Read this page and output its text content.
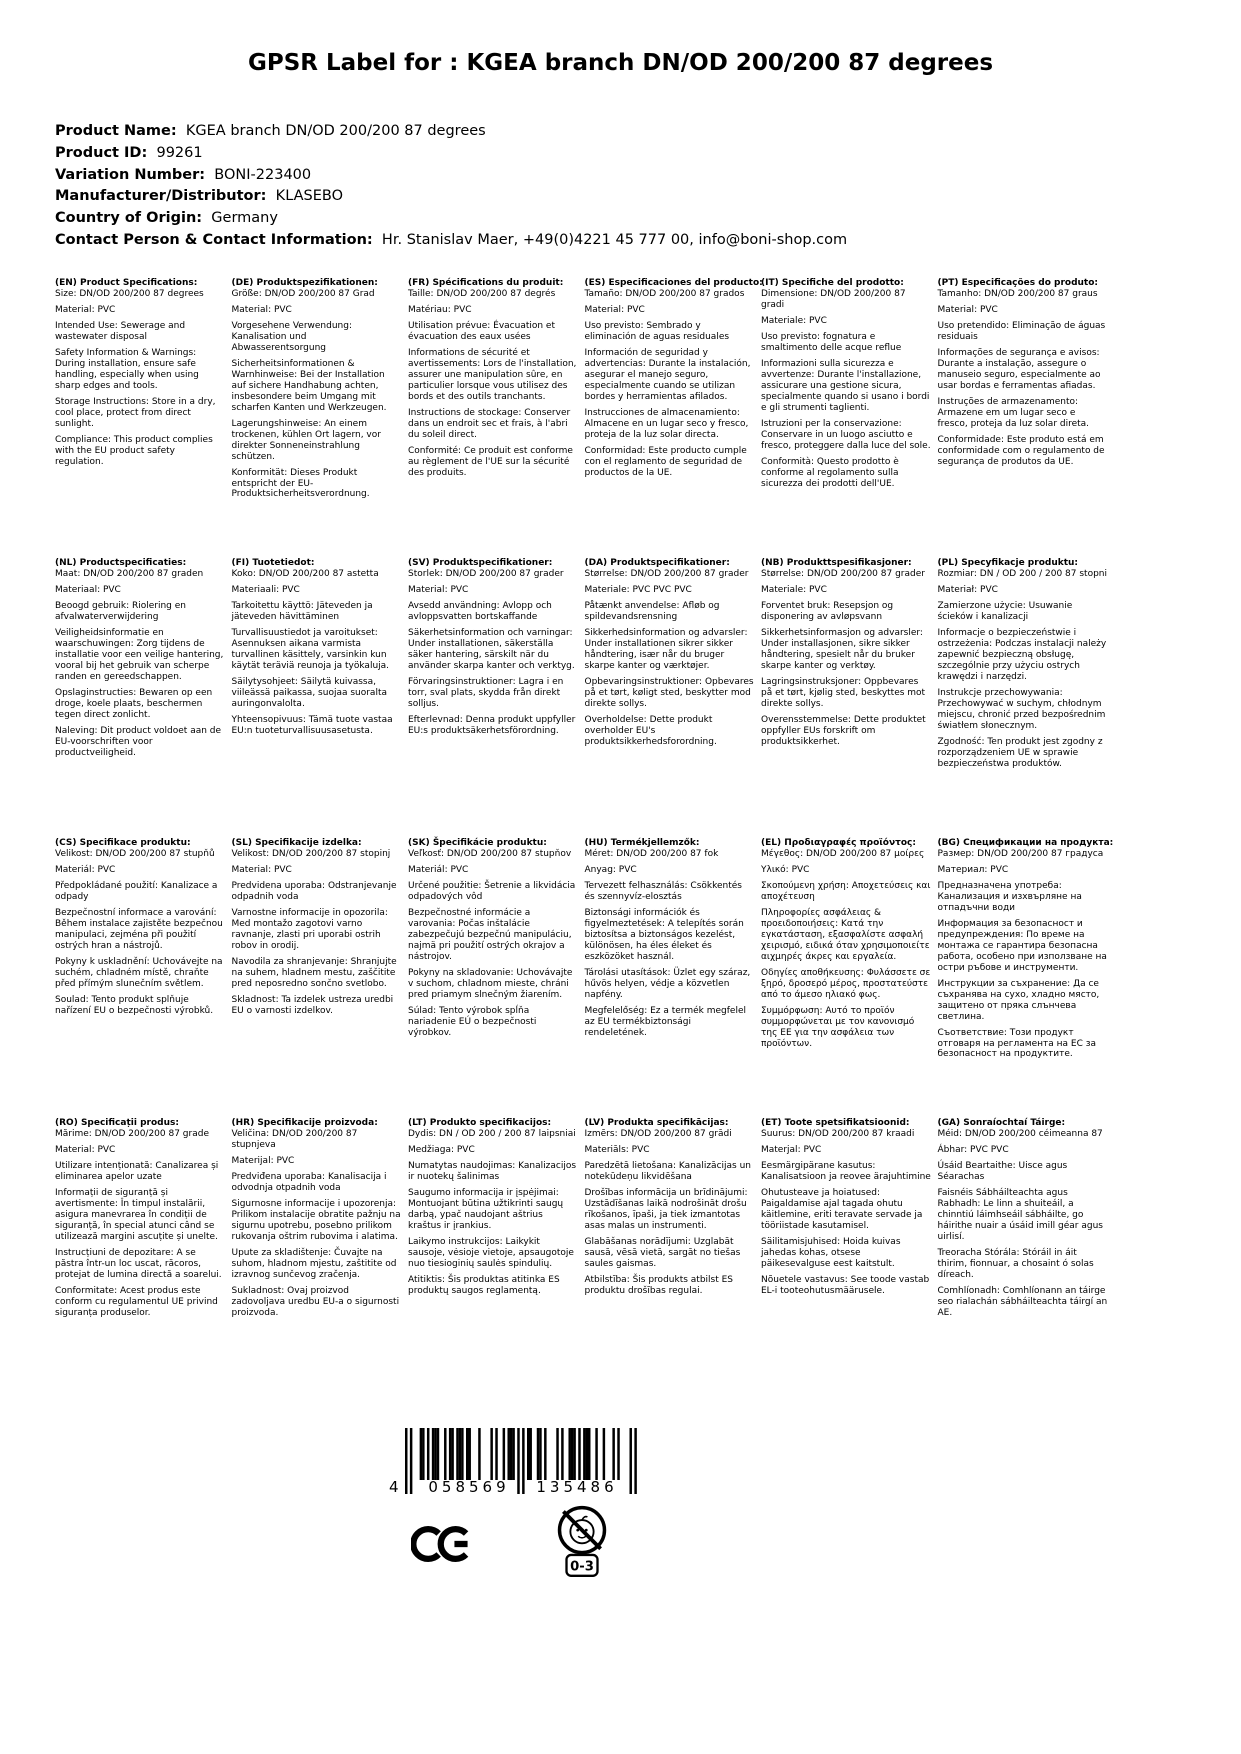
GPSR Label for : KGEA branch DN/OD 200/200 87 degrees
Product Name:  KGEA branch DN/OD 200/200 87 degrees
Product ID:  99261
Variation Number:  BONI-223400
Manufacturer/Distributor:  KLASEBO
Country of Origin:  Germany
Contact Person & Contact Information:  Hr. Stanislav Maer, +49(0)4221 45 777 00, info@boni-shop.com
(EN) Product Specifications:

Size: DN/OD 200/200 87 degrees

Material: PVC

Intended Use: Sewerage and wastewater disposal

Safety Information & Warnings: During installation, ensure safe handling, especially when using sharp edges and tools.

Storage Instructions: Store in a dry, cool place, protect from direct sunlight.

Compliance: This product complies with the EU product safety regulation.

(DE) Produktspezifikationen:

Größe: DN/OD 200/200 87 Grad

Material: PVC

Vorgesehene Verwendung: Kanalisation und Abwasserentsorgung

Sicherheitsinformationen & Warnhinweise: Bei der Installation auf sichere Handhabung achten, insbesondere beim Umgang mit scharfen Kanten und Werkzeugen.

Lagerungshinweise: An einem trockenen, kühlen Ort lagern, vor direkter Sonneneinstrahlung schützen.

Konformität: Dieses Produkt entspricht der EU-Produktsicherheitsverordnung.

(FR) Spécifications du produit:

Taille: DN/OD 200/200 87 degrés

Matériau: PVC

Utilisation prévue: Évacuation et évacuation des eaux usées

Informations de sécurité et avertissements: Lors de l'installation, assurer une manipulation sûre, en particulier lorsque vous utilisez des bords et des outils tranchants.

Instructions de stockage: Conserver dans un endroit sec et frais, à l'abri du soleil direct.

Conformité: Ce produit est conforme au règlement de l'UE sur la sécurité des produits.

(ES) Especificaciones del producto:

Tamaño: DN/OD 200/200 87 grados

Material: PVC

Uso previsto: Sembrado y eliminación de aguas residuales

Información de seguridad y advertencias: Durante la instalación, asegurar el manejo seguro, especialmente cuando se utilizan bordes y herramientas afilados.

Instrucciones de almacenamiento: Almacene en un lugar seco y fresco, proteja de la luz solar directa.

Conformidad: Este producto cumple con el reglamento de seguridad de productos de la UE.

(IT) Specifiche del prodotto:

Dimensione: DN/OD 200/200 87 gradi

Materiale: PVC

Uso previsto: fognatura e smaltimento delle acque reflue

Informazioni sulla sicurezza e avvertenze: Durante l'installazione, assicurare una gestione sicura, specialmente quando si usano i bordi e gli strumenti taglienti.

Istruzioni per la conservazione: Conservare in un luogo asciutto e fresco, proteggere dalla luce del sole.

Conformità: Questo prodotto è conforme al regolamento sulla sicurezza dei prodotti dell'UE.

(PT) Especificações do produto:

Tamanho: DN/OD 200/200 87 graus

Material: PVC

Uso pretendido: Eliminação de águas residuais

Informações de segurança e avisos: Durante a instalação, assegure o manuseio seguro, especialmente ao usar bordas e ferramentas afiadas.

Instruções de armazenamento: Armazene em um lugar seco e fresco, proteja da luz solar direta.

Conformidade: Este produto está em conformidade com o regulamento de segurança de produtos da UE.

(NL) Productspecificaties:

Maat: DN/OD 200/200 87 graden

Materiaal: PVC

Beoogd gebruik: Riolering en afvalwaterverwijdering

Veiligheidsinformatie en waarschuwingen: Zorg tijdens de installatie voor een veilige hantering, vooral bij het gebruik van scherpe randen en gereedschappen.

Opslaginstructies: Bewaren op een droge, koele plaats, beschermen tegen direct zonlicht.

Naleving: Dit product voldoet aan de EU-voorschriften voor productveiligheid.

(FI) Tuotetiedot:

Koko: DN/OD 200/200 87 astetta

Materiaali: PVC

Tarkoitettu käyttö: Jäteveden ja jäteveden hävittäminen

Turvallisuustiedot ja varoitukset: Asennuksen aikana varmista turvallinen käsittely, varsinkin kun käytät teräviä reunoja ja työkaluja.

Säilytysohjeet: Säilytä kuivassa, viileässä paikassa, suojaa suoralta auringonvalolta.

Yhteensopivuus: Tämä tuote vastaa EU:n tuoteturvallisuusasetusta.

(SV) Produktspecifikationer:

Storlek: DN/OD 200/200 87 grader

Material: PVC

Avsedd användning: Avlopp och avloppsvatten bortskaffande

Säkerhetsinformation och varningar: Under installationen, säkerställa säker hantering, särskilt när du använder skarpa kanter och verktyg.

Förvaringsinstruktioner: Lagra i en torr, sval plats, skydda från direkt solljus.

Efterlevnad: Denna produkt uppfyller EU:s produktsäkerhetsförordning.

(DA) Produktspecifikationer:

Størrelse: DN/OD 200/200 87 grader

Materiale: PVC PVC PVC

Påtænkt anvendelse: Afløb og spildevandsrensning

Sikkerhedsinformation og advarsler: Under installationen sikrer sikker håndtering, især når du bruger skarpe kanter og værktøjer.

Opbevaringsinstruktioner: Opbevares på et tørt, køligt sted, beskytter mod direkte sollys.

Overholdelse: Dette produkt overholder EU's produktsikkerhedsforordning.

(NB) Produkttspesifikasjoner:

Størrelse: DN/OD 200/200 87 grader

Materiale: PVC

Forventet bruk: Resepsjon og disponering av avløpsvann

Sikkerhetsinformasjon og advarsler: Under installasjonen, sikre sikker håndtering, spesielt når du bruker skarpe kanter og verktøy.

Lagringsinstruksjoner: Oppbevares på et tørt, kjølig sted, beskyttes mot direkte sollys.

Overensstemmelse: Dette produktet oppfyller EUs forskrift om produktsikkerhet.

(PL) Specyfikacje produktu:

Rozmiar: DN / OD 200 / 200 87 stopni

Materiał: PVC

Zamierzone użycie: Usuwanie ścieków i kanalizacji

Informacje o bezpieczeństwie i ostrzeżenia: Podczas instalacji należy zapewnić bezpieczną obsługę, szczególnie przy użyciu ostrych krawędzi i narzędzi.

Instrukcje przechowywania: Przechowywać w suchym, chłodnym miejscu, chronić przed bezpośrednim światłem słonecznym.

Zgodność: Ten produkt jest zgodny z rozporządzeniem UE w sprawie bezpieczeństwa produktów.

(CS) Specifikace produktu:

Velikost: DN/OD 200/200 87 stupňů

Materiál: PVC

Předpokládané použití: Kanalizace a odpady

Bezpečnostní informace a varování: Během instalace zajistěte bezpečnou manipulaci, zejména při použití ostrých hran a nástrojů.

Pokyny k uskladnění: Uchovávejte na suchém, chladném místě, chraňte před přímým slunečním světlem.

Soulad: Tento produkt splňuje nařízení EU o bezpečnosti výrobků.

(SL) Specifikacije izdelka:

Velikost: DN/OD 200/200 87 stopinj

Material: PVC

Predvidena uporaba: Odstranjevanje odpadnih voda

Varnostne informacije in opozorila: Med montažo zagotovi varno ravnanje, zlasti pri uporabi ostrih robov in orodij.

Navodila za shranjevanje: Shranjujte na suhem, hladnem mestu, zaščitite pred neposredno sončno svetlobo.

Skladnost: Ta izdelek ustreza uredbi EU o varnosti izdelkov.

(SK) Špecifikácie produktu:

Veľkosť: DN/OD 200/200 87 stupňov

Materiál: PVC

Určené použitie: Šetrenie a likvidácia odpadových vôd

Bezpečnostné informácie a varovania: Počas inštalácie zabezpečujú bezpečnú manipuláciu, najmä pri použití ostrých okrajov a nástrojov.

Pokyny na skladovanie: Uchovávajte v suchom, chladnom mieste, chráni pred priamym slnečným žiarením.

Súlad: Tento výrobok spĺňa nariadenie EÚ o bezpečnosti výrobkov.

(HU) Termékjellemzők:

Méret: DN/OD 200/200 87 fok

Anyag: PVC

Tervezett felhasználás: Csökkentés és szennyvíz-elosztás

Biztonsági információk és figyelmeztetések: A telepítés során biztosítsa a biztonságos kezelést, különösen, ha éles éleket és eszközöket használ.

Tárolási utasítások: Üzlet egy száraz, hűvös helyen, védje a közvetlen napfény.

Megfelelőség: Ez a termék megfelel az EU termékbiztonsági rendeletének.

(EL) Προδιαγραφές προϊόντος:

Μέγεθος: DN/OD 200/200 87 μοίρες

Υλικό: PVC

Σκοπούμενη χρήση: Αποχετεύσεις και αποχέτευση

Πληροφορίες ασφάλειας & προειδοποιήσεις: Κατά την εγκατάσταση, εξασφαλίστε ασφαλή χειρισμό, ειδικά όταν χρησιμοποιείτε αιχμηρές άκρες και εργαλεία.

Οδηγίες αποθήκευσης: Φυλάσσετε σε ξηρό, δροσερό μέρος, προστατεύστε από το άμεσο ηλιακό φως.

Συμμόρφωση: Αυτό το προϊόν συμμορφώνεται με τον κανονισμό της ΕΕ για την ασφάλεια των προϊόντων.

(BG) Спецификации на продукта:

Размер: DN/OD 200/200 87 градуса

Материал: PVC

Предназначена употреба: Канализация и изхвърляне на отпадъчни води

Информация за безопасност и предупреждения: По време на монтажа се гарантира безопасна работа, особено при използване на остри ръбове и инструменти.

Инструкции за съхранение: Да се съхранява на сухо, хладно място, защитено от пряка слънчева светлина.

Съответствие: Този продукт отговаря на регламента на ЕС за безопасност на продуктите.

(RO) Specificații produs:

Mărime: DN/OD 200/200 87 grade

Material: PVC

Utilizare intenționată: Canalizarea și eliminarea apelor uzate

Informații de siguranță și avertismente: În timpul instalării, asigura manevrarea în condiții de siguranță, în special atunci când se utilizează margini ascuțite și unelte.

Instrucțiuni de depozitare: A se păstra într-un loc uscat, răcoros, protejat de lumina directă a soarelui.

Conformitate: Acest produs este conform cu regulamentul UE privind siguranța produselor.

(HR) Specifikacije proizvoda:

Veličina: DN/OD 200/200 87 stupnjeva

Materijal: PVC

Predviđena uporaba: Kanalisacija i odvodnja otpadnih voda

Sigurnosne informacije i upozorenja: Prilikom instalacije obratite pažnju na sigurnu upotrebu, posebno prilikom rukovanja oštrim rubovima i alatima.

Upute za skladištenje: Čuvajte na suhom, hladnom mjestu, zaštitite od izravnog sunčevog zračenja.

Sukladnost: Ovaj proizvod zadovoljava uredbu EU-a o sigurnosti proizvoda.

(LT) Produkto specifikacijos:

Dydis: DN / OD 200 / 200 87 laipsniai

Medžiaga: PVC

Numatytas naudojimas: Kanalizacijos ir nuotekų šalinimas

Saugumo informacija ir įspėjimai: Montuojant būtina užtikrinti saugų darbą, ypač naudojant aštrius kraštus ir įrankius.

Laikymo instrukcijos: Laikykit sausoje, vėsioje vietoje, apsaugotoje nuo tiesioginių saulės spindulių.

Atitiktis: Šis produktas atitinka ES produktų saugos reglamentą.

(LV) Produkta specifikācijas:

Izmērs: DN/OD 200/200 87 grādi

Materiāls: PVC

Paredzētā lietošana: Kanalizācijas un notekūdeņu likvidēšana

Drošības informācija un brīdinājumi: Uzstādīšanas laikā nodrošināt drošu rīkošanos, īpaši, ja tiek izmantotas asas malas un instrumenti.

Glabāšanas norādījumi: Uzglabāt sausā, vēsā vietā, sargāt no tiešas saules gaismas.

Atbilstība: Šis produkts atbilst ES produktu drošības regulai.

(ET) Toote spetsifikatsioonid:

Suurus: DN/OD 200/200 87 kraadi

Materjal: PVC

Eesmärgipärane kasutus: Kanalisatsioon ja reovee ärajuhtimine

Ohutusteave ja hoiatused: Paigaldamise ajal tagada ohutu käitlemine, eriti teravate servade ja tööriistade kasutamisel.

Säilitamisjuhised: Hoida kuivas jahedas kohas, otsese päikesevalguse eest kaitstult.

Nõuetele vastavus: See toode vastab EL-i tooteohutusmäärusele.

(GA) Sonraíochtaí Táirge:

Méid: DN/OD 200/200 céimeanna 87

Ábhar: PVC PVC

Úsáid Beartaithe: Uisce agus Séarachas

Faisnéis Sábháilteachta agus Rabhadh: Le linn a shuiteáil, a chinntiú láimhseáil sábháilte, go háirithe nuair a úsáid imill géar agus uirlisí.

Treoracha Stórála: Stóráil in áit thirim, fionnuar, a chosaint ó solas díreach.

Comhlíonadh: Comhlíonann an táirge seo rialachán sábháilteachta táirgí an AE.

4	058569	135486
0-3
